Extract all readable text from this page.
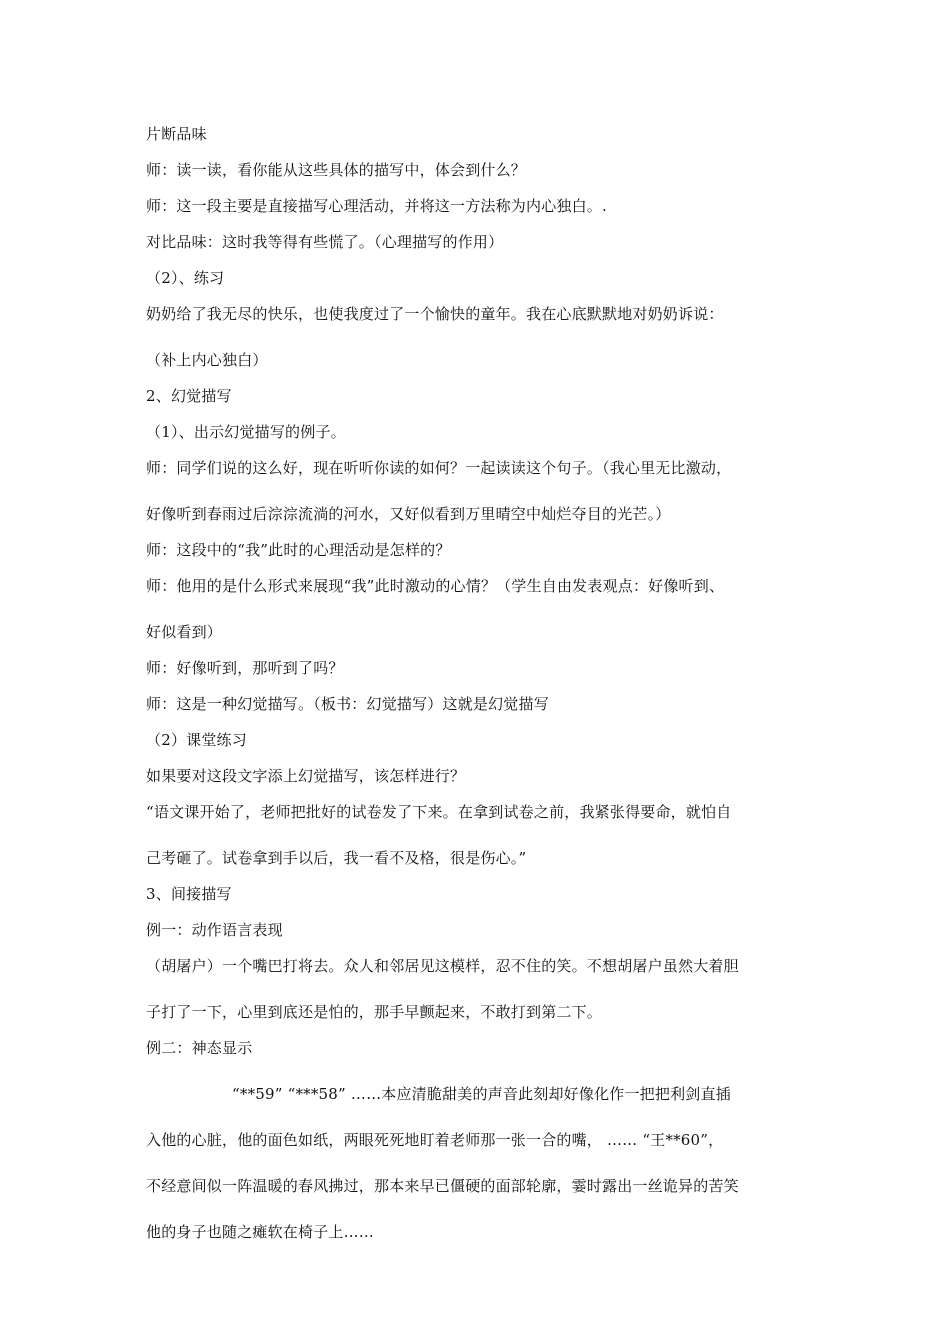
片断品味

师：读一读，看你能从这些具体的描写中，体会到什么？

师：这一段主要是直接描写心理活动，并将这一方法称为内心独白。.

对比品味：这时我等得有些慌了。（心理描写的作用）

（2）、练习

奶奶给了我无尽的快乐，也使我度过了一个愉快的童年。我在心底默默地对奶奶诉说：

（补上内心独白）

2、幻觉描写

（1）、出示幻觉描写的例子。

师：同学们说的这么好，现在听听你读的如何？一起读读这个句子。（我心里无比激动，

好像听到春雨过后淙淙流淌的河水，又好似看到万里晴空中灿烂夺目的光芒。）

师：这段中的“我”此时的心理活动是怎样的？

师：他用的是什么形式来展现“我”此时激动的心情？（学生自由发表观点：好像听到、

好似看到）

师：好像听到，那听到了吗？

师：这是一种幻觉描写。（板书：幻觉描写）这就是幻觉描写

（2）课堂练习

如果要对这段文字添上幻觉描写，该怎样进行？

“语文课开始了，老师把批好的试卷发了下来。在拿到试卷之前，我紧张得要命，就怕自

己考砸了。试卷拿到手以后，我一看不及格，很是伤心。”

3、间接描写

例一：动作语言表现

（胡屠户）一个嘴巴打将去。众人和邻居见这模样，忍不住的笑。不想胡屠户虽然大着胆

子打了一下，心里到底还是怕的，那手早颤起来，不敢打到第二下。

例二：神态显示

“**59” “***58” ……本应清脆甜美的声音此刻却好像化作一把把利剑直插

入他的心脏，他的面色如纸，两眼死死地盯着老师那一张一合的嘴， …… “王**60”，

不经意间似一阵温暖的春风拂过，那本来早已僵硬的面部轮廓，霎时露出一丝诡异的苦笑

他的身子也随之瘫软在椅子上……
